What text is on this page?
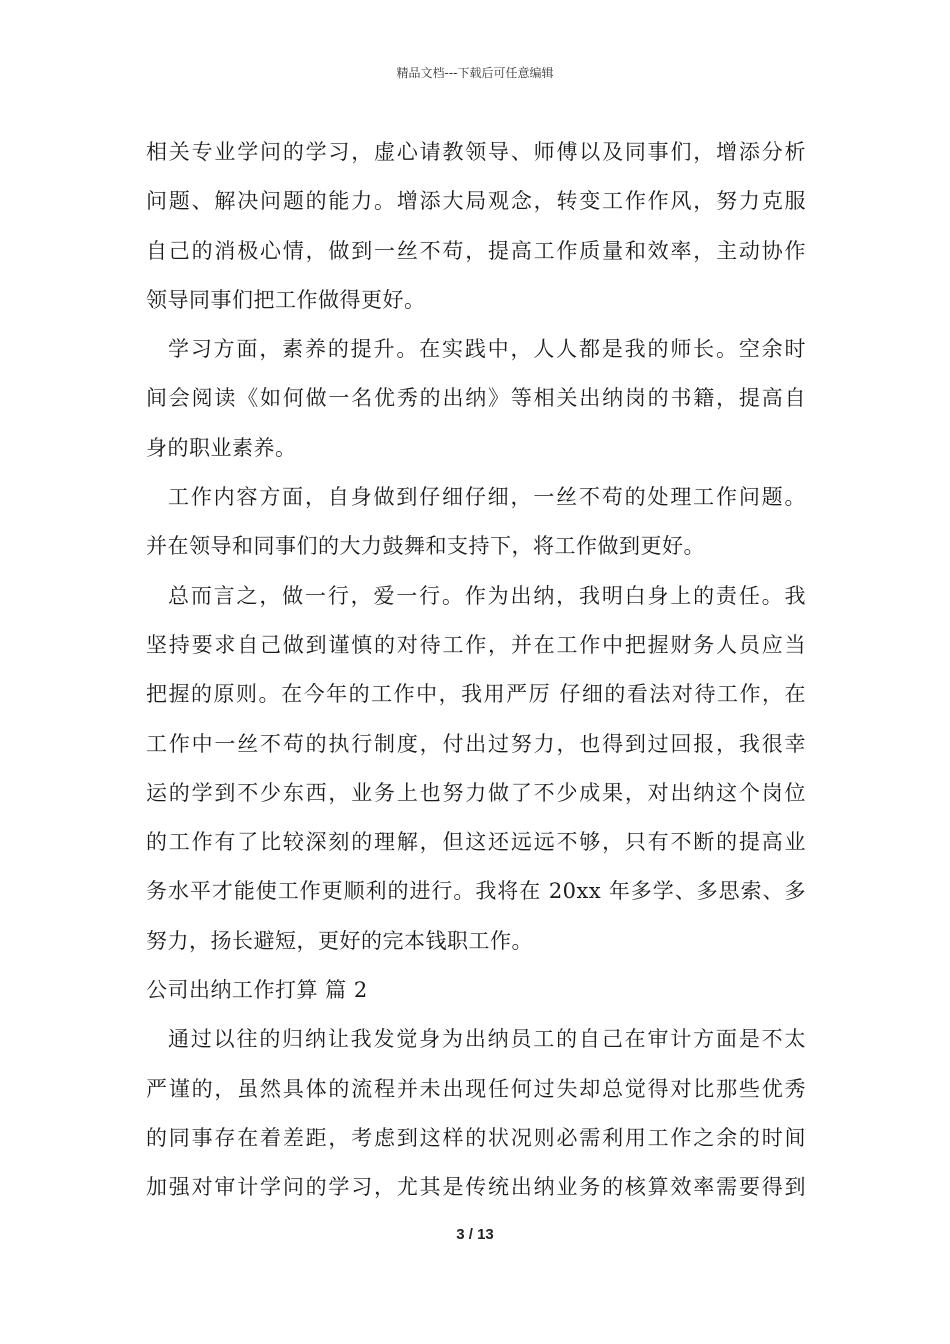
精品文档---下载后可任意编辑
相关专业学问的学习，虚心请教领导、师傅以及同事们，增添分析
问题、解决问题的能力。增添大局观念，转变工作作风，努力克服
自己的消极心情，做到一丝不苟，提高工作质量和效率，主动协作
领导同事们把工作做得更好。
学习方面，素养的提升。在实践中，人人都是我的师长。空余时
间会阅读《如何做一名优秀的出纳》等相关出纳岗的书籍，提高自
身的职业素养。
工作内容方面，自身做到仔细仔细，一丝不苟的处理工作问题。
并在领导和同事们的大力鼓舞和支持下，将工作做到更好。
总而言之，做一行，爱一行。作为出纳，我明白身上的责任。我
坚持要求自己做到谨慎的对待工作，并在工作中把握财务人员应当
把握的原则。在今年的工作中，我用严厉 仔细的看法对待工作，在
工作中一丝不苟的执行制度，付出过努力，也得到过回报，我很幸
运的学到不少东西，业务上也努力做了不少成果，对出纳这个岗位
的工作有了比较深刻的理解，但这还远远不够，只有不断的提高业
务水平才能使工作更顺利的进行。我将在 20xx 年多学、多思索、多
努力，扬长避短，更好的完本钱职工作。
公司出纳工作打算 篇 2
通过以往的归纳让我发觉身为出纳员工的自己在审计方面是不太
严谨的，虽然具体的流程并未出现任何过失却总觉得对比那些优秀
的同事存在着差距，考虑到这样的状况则必需利用工作之余的时间
加强对审计学问的学习，尤其是传统出纳业务的核算效率需要得到
3 / 13
